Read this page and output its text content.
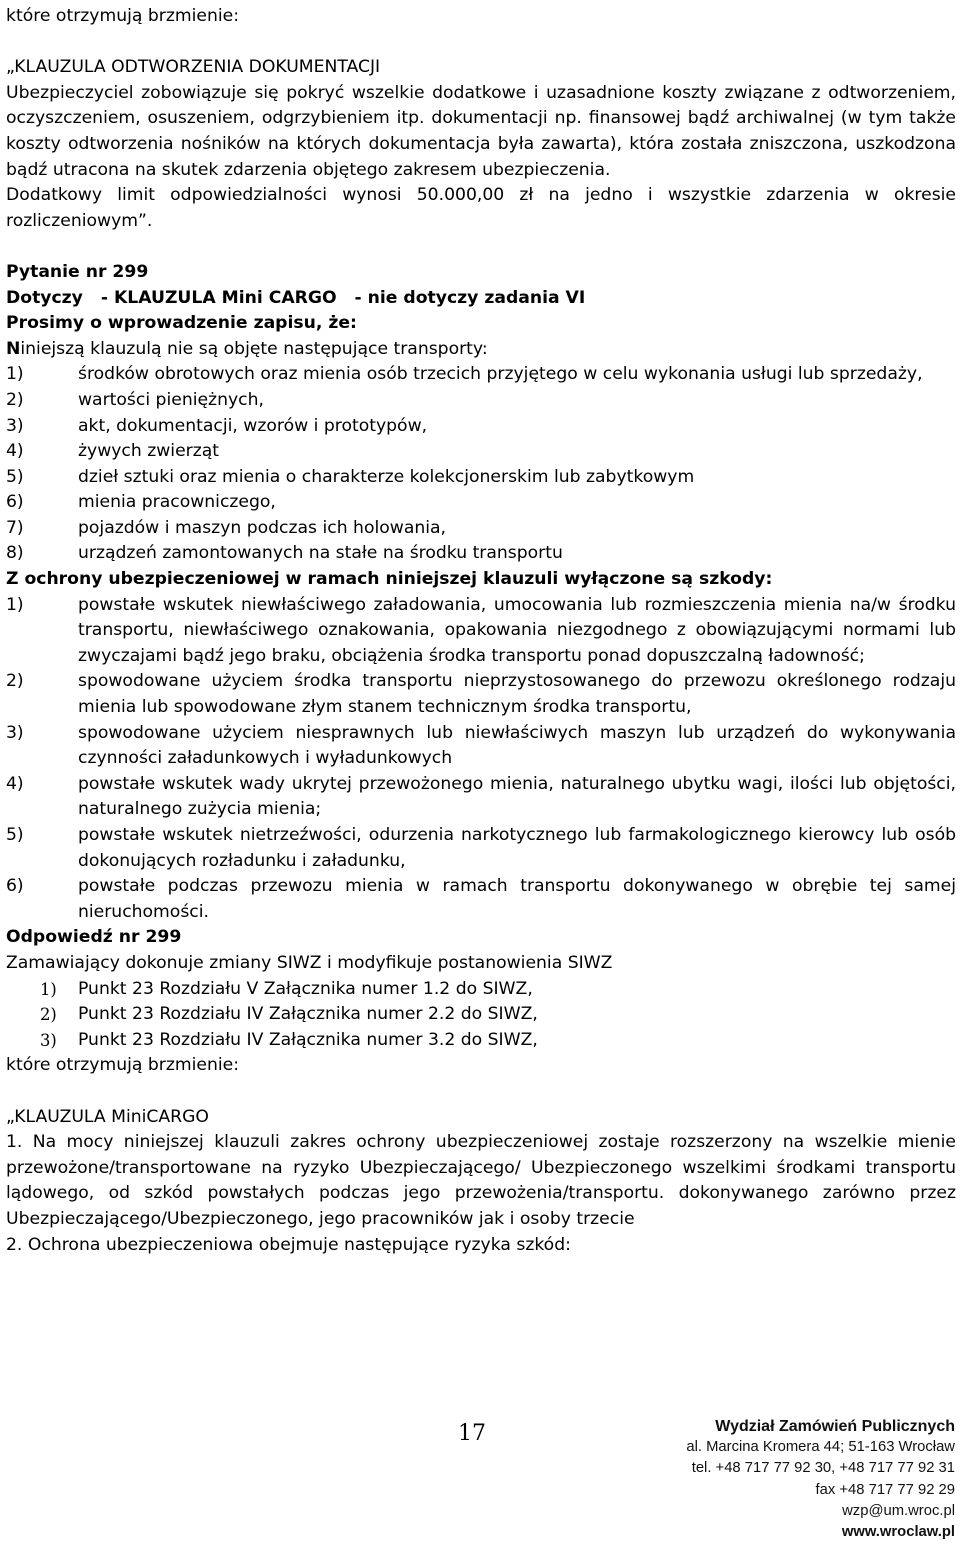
które otrzymują brzmienie:

„KLAUZULA ODTWORZENIA DOKUMENTACJI

Ubezpieczyciel zobowiązuje się pokryć wszelkie dodatkowe i uzasadnione koszty związane z odtworzeniem, oczyszczeniem, osuszeniem, odgrzybieniem itp. dokumentacji np. finansowej bądź archiwalnej (w tym także koszty odtworzenia nośników na których dokumentacja była zawarta), która została zniszczona, uszkodzona bądź utracona na skutek zdarzenia objętego zakresem ubezpieczenia.

Dodatkowy limit odpowiedzialności wynosi 50.000,00 zł na jedno i wszystkie zdarzenia w okresie rozliczeniowym”.

Pytanie nr 299

Dotyczy   - KLAUZULA Mini CARGO   - nie dotyczy zadania VI

Prosimy o wprowadzenie zapisu, że:

Niniejszą klauzulą nie są objęte następujące transporty:

1)	środków obrotowych oraz mienia osób trzecich przyjętego w celu wykonania usługi lub sprzedaży,
2)	wartości pieniężnych,
3)	akt, dokumentacji, wzorów i prototypów,
4)	żywych zwierząt
5)	dzieł sztuki oraz mienia o charakterze kolekcjonerskim lub zabytkowym
6)	mienia pracowniczego,
7)	pojazdów i maszyn podczas ich holowania,
8)	urządzeń zamontowanych na stałe na środku transportu

Z ochrony ubezpieczeniowej w ramach niniejszej klauzuli wyłączone są szkody:

1)	powstałe wskutek niewłaściwego załadowania, umocowania lub rozmieszczenia mienia na/w środku transportu, niewłaściwego oznakowania, opakowania niezgodnego z obowiązującymi normami lub zwyczajami bądź jego braku, obciążenia środka transportu ponad dopuszczalną ładowność;
2)	spowodowane użyciem środka transportu nieprzystosowanego do przewozu określonego rodzaju mienia lub spowodowane złym stanem technicznym środka transportu,
3)	spowodowane użyciem niesprawnych lub niewłaściwych maszyn lub urządzeń do wykonywania czynności załadunkowych i wyładunkowych
4)	powstałe wskutek wady ukrytej przewożonego mienia, naturalnego ubytku wagi, ilości lub objętości, naturalnego zużycia mienia;
5)	powstałe wskutek nietrzeźwości, odurzenia narkotycznego lub farmakologicznego kierowcy lub osób dokonujących rozładunku i załadunku,
6)	powstałe podczas przewozu mienia w ramach transportu dokonywanego w obrębie tej samej nieruchomości.

Odpowiedź nr 299

Zamawiający dokonuje zmiany SIWZ i modyfikuje postanowienia SIWZ

1)	Punkt 23 Rozdziału V Załącznika numer 1.2 do SIWZ,
2)	Punkt 23 Rozdziału IV Załącznika numer 2.2 do SIWZ,
3)	Punkt 23 Rozdziału IV Załącznika numer 3.2 do SIWZ,

które otrzymują brzmienie:

„KLAUZULA MiniCARGO

1. Na mocy niniejszej klauzuli zakres ochrony ubezpieczeniowej zostaje rozszerzony na wszelkie mienie przewożone/transportowane na ryzyko Ubezpieczającego/ Ubezpieczonego wszelkimi środkami transportu lądowego, od szkód powstałych podczas jego przewożenia/transportu. dokonywanego zarówno przez Ubezpieczającego/Ubezpieczonego, jego pracowników jak i osoby trzecie

2. Ochrona ubezpieczeniowa obejmuje następujące ryzyka szkód:

17	Wydział Zamówień Publicznych
al. Marcina Kromera 44; 51-163 Wrocław
tel. +48 717 77 92 30, +48 717 77 92 31
fax +48 717 77 92 29
wzp@um.wroc.pl
www.wroclaw.pl
